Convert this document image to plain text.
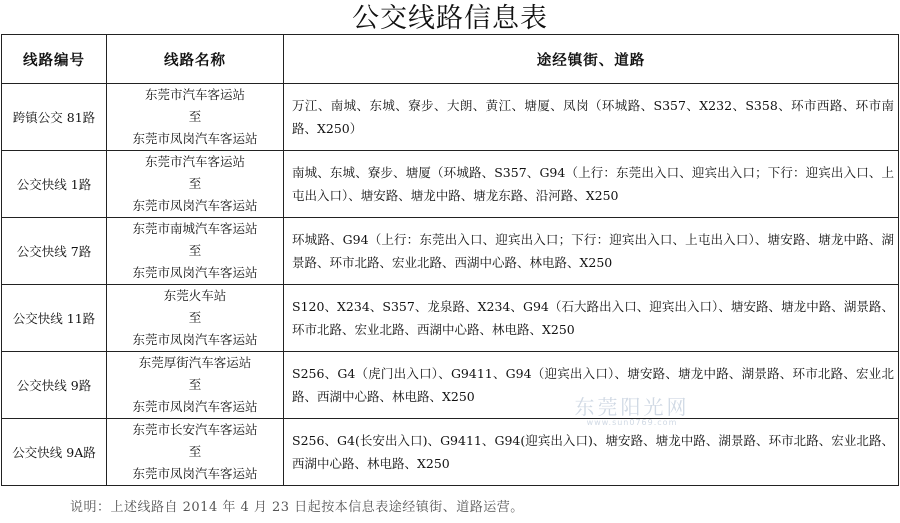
公交线路信息表
线路编号	线路名称	途经镇街、道路
跨镇公交 81路	东莞市汽车客运站
至
东莞市凤岗汽车客运站	万江、南城、东城、寮步、大朗、黄江、塘厦、凤岗（环城路、S357、X232、S358、环市西路、环市南路、X250）
公交快线 1路	东莞市汽车客运站
至
东莞市凤岗汽车客运站	南城、东城、寮步、塘厦（环城路、S357、G94（上行：东莞出入口、迎宾出入口；下行：迎宾出入口、上屯出入口）、塘安路、塘龙中路、塘龙东路、沿河路、X250
公交快线 7路	东莞市南城汽车客运站
至
东莞市凤岗汽车客运站	环城路、G94（上行：东莞出入口、迎宾出入口；下行：迎宾出入口、上屯出入口）、塘安路、塘龙中路、湖景路、环市北路、宏业北路、西湖中心路、林电路、X250
公交快线 11路	东莞火车站
至
东莞市凤岗汽车客运站	S120、X234、S357、龙泉路、X234、G94（石大路出入口、迎宾出入口）、塘安路、塘龙中路、湖景路、环市北路、宏业北路、西湖中心路、林电路、X250
公交快线 9路	东莞厚街汽车客运站
至
东莞市凤岗汽车客运站	S256、G4（虎门出入口）、G9411、G94（迎宾出入口）、塘安路、塘龙中路、湖景路、环市北路、宏业北路、西湖中心路、林电路、X250
公交快线 9A路	东莞市长安汽车客运站
至
东莞市凤岗汽车客运站	S256、G4(长安出入口)、G9411、G94(迎宾出入口)、塘安路、塘龙中路、湖景路、环市北路、宏业北路、西湖中心路、林电路、X250
东莞阳光网
www.sun0769.com
说明：上述线路自 2014 年 4 月 23 日起按本信息表途经镇街、道路运营。
